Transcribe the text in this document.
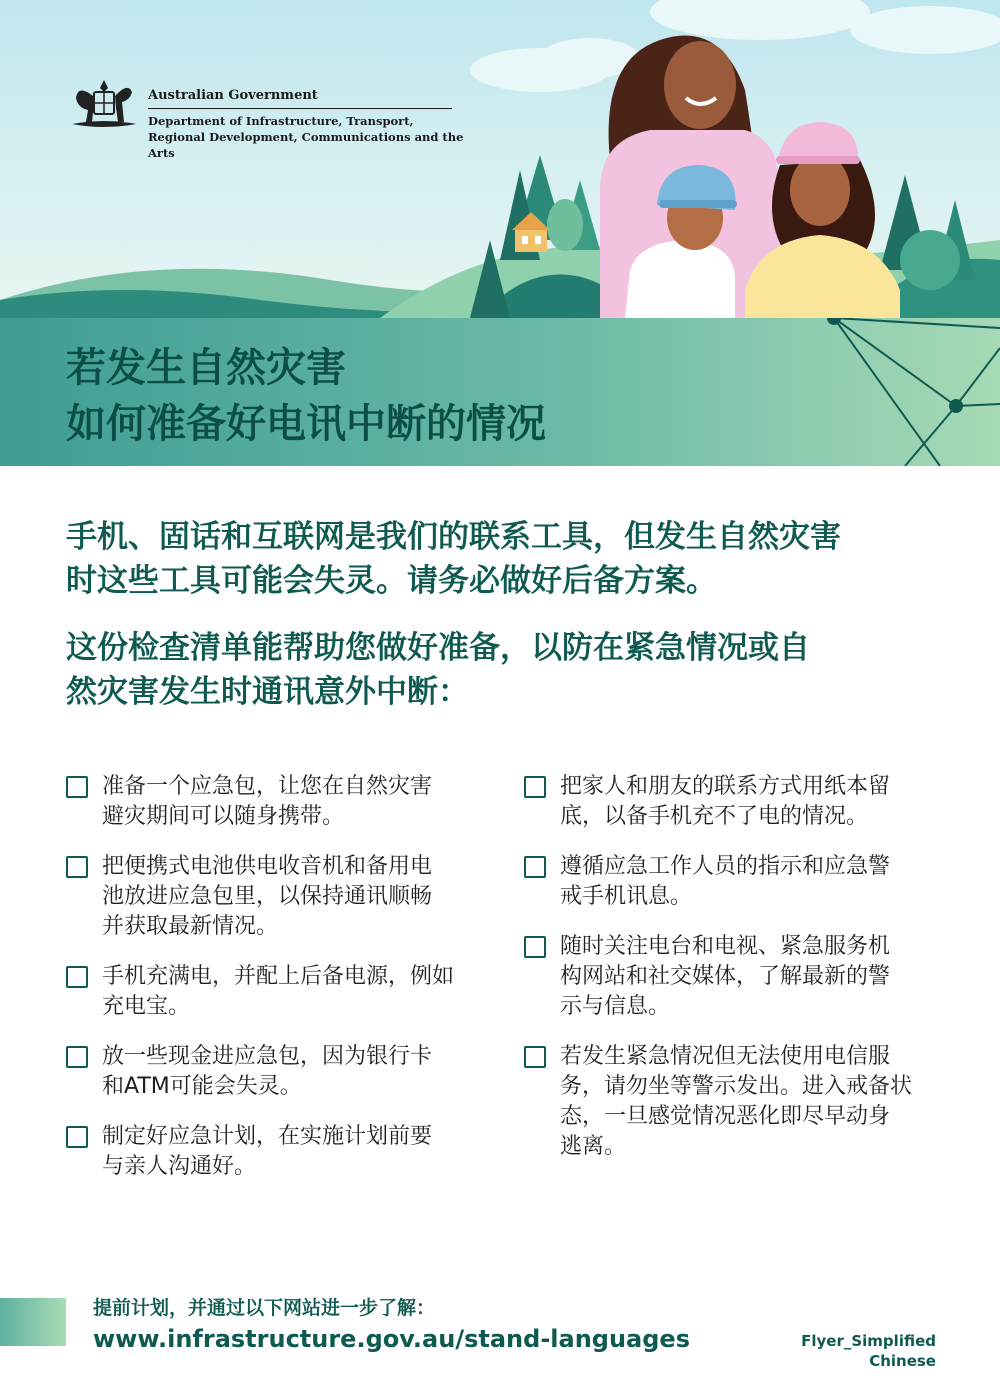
Australian Government
Department of Infrastructure, Transport,
Regional Development, Communications and the Arts
若发生自然灾害
如何准备好电讯中断的情况

手机、固话和互联网是我们的联系工具，但发生自然灾害
时这些工具可能会失灵。请务必做好后备方案。

这份检查清单能帮助您做好准备，以防在紧急情况或自
然灾害发生时通讯意外中断：

准备一个应急包，让您在自然灾害
避灾期间可以随身携带。
把便携式电池供电收音机和备用电
池放进应急包里，以保持通讯顺畅
并获取最新情况。
手机充满电，并配上后备电源，例如
充电宝。
放一些现金进应急包，因为银行卡
和ATM可能会失灵。
制定好应急计划，在实施计划前要
与亲人沟通好。
把家人和朋友的联系方式用纸本留
底，以备手机充不了电的情况。
遵循应急工作人员的指示和应急警
戒手机讯息。
随时关注电台和电视、紧急服务机
构网站和社交媒体，了解最新的警
示与信息。
若发生紧急情况但无法使用电信服
务，请勿坐等警示发出。进入戒备状
态，一旦感觉情况恶化即尽早动身
逃离。
提前计划，并通过以下网站进一步了解：
www.infrastructure.gov.au/stand-languages	Flyer_Simplified Chinese
